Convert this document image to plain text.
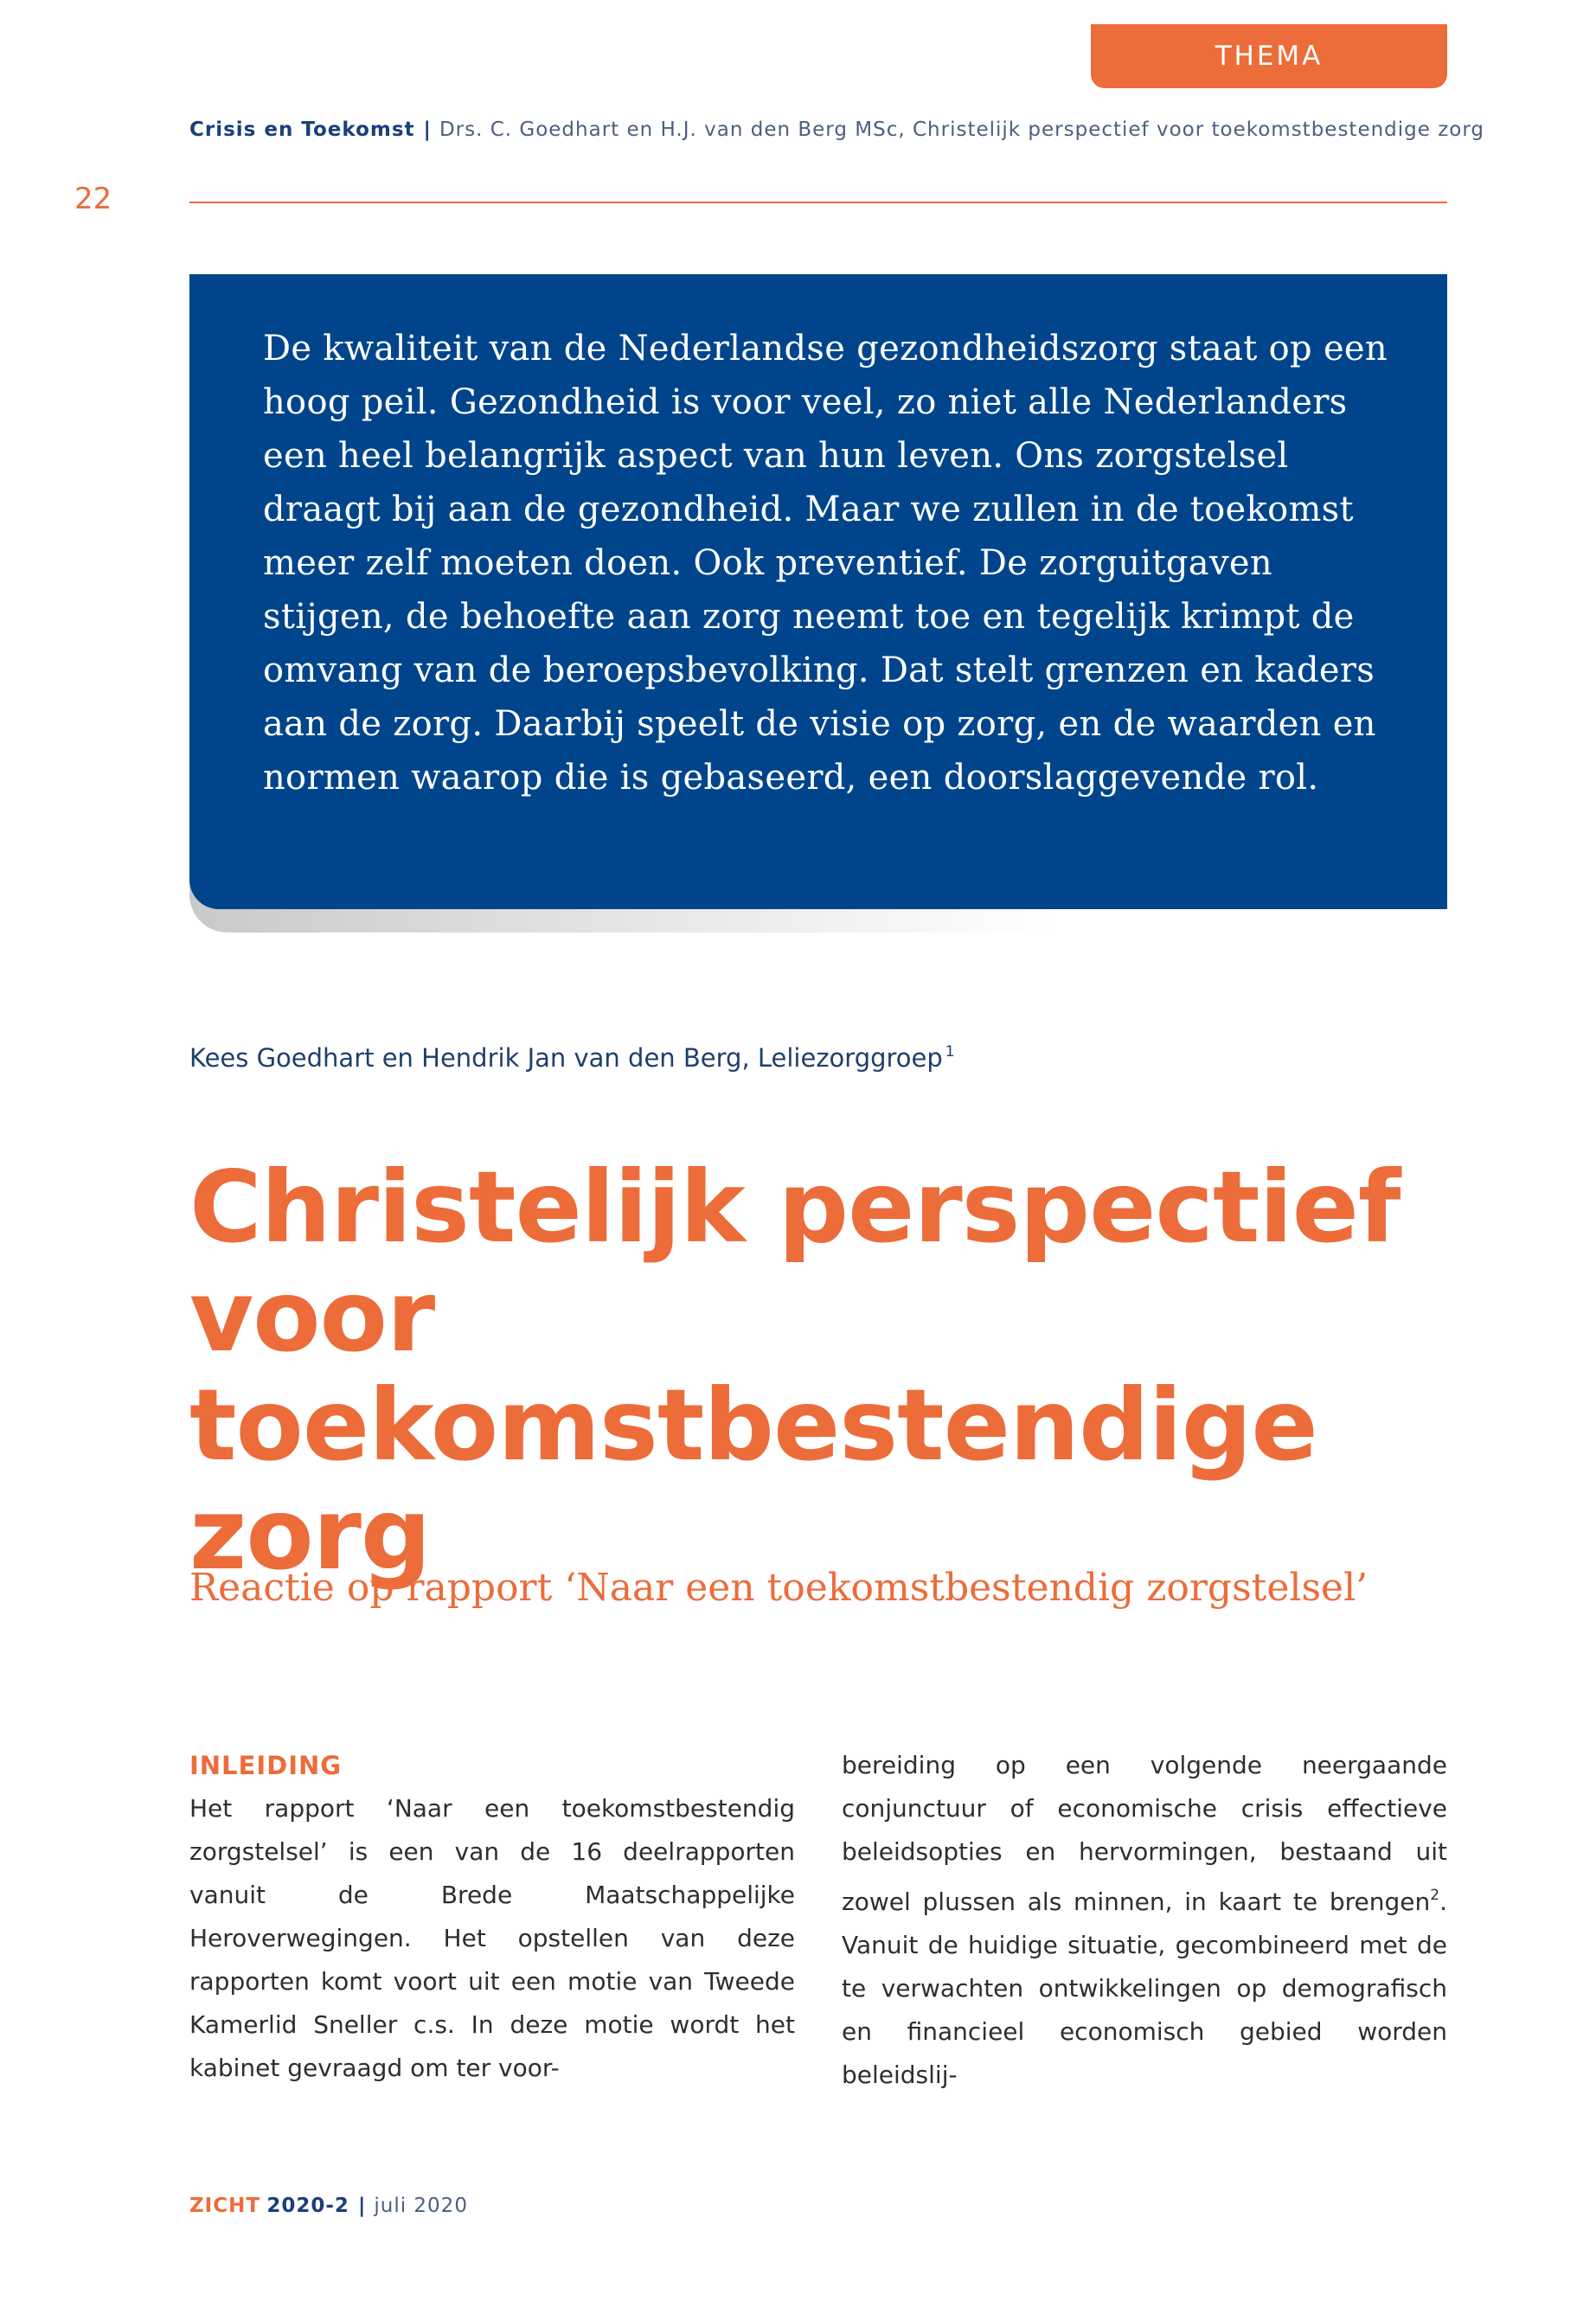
THEMA
Crisis en Toekomst | Drs. C. Goedhart en H.J. van den Berg MSc, Christelijk perspectief voor toekomstbestendige zorg
22

De kwaliteit van de Nederlandse gezondheidszorg staat op een hoog peil. Gezondheid is voor veel, zo niet alle Nederlanders een heel belangrijk aspect van hun leven. Ons zorgstelsel draagt bij aan de gezondheid. Maar we zullen in de toekomst meer zelf moeten doen. Ook preventief. De zorguitgaven stijgen, de behoefte aan zorg neemt toe en tegelijk krimpt de omvang van de beroepsbevolking. Dat stelt grenzen en kaders aan de zorg. Daarbij speelt de visie op zorg, en de waarden en normen waarop die is gebaseerd, een doorslaggevende rol.

Kees Goedhart en Hendrik Jan van den Berg, Leliezorggroep $^1$
Christelijk perspectief voor toekomstbestendige zorg
Reactie op rapport ‘Naar een toekomstbestendig zorgstelsel’
INLEIDING

Het rapport ‘Naar een toekomstbestendig zorgstelsel’ is een van de 16 deelrapporten vanuit de Brede Maatschappelijke Heroverwegingen. Het opstellen van deze rapporten komt voort uit een motie van Tweede Kamerlid Sneller c.s. In deze motie wordt het kabinet gevraagd om ter voor-

bereiding op een volgende neergaande conjunctuur of economische crisis effectieve beleidsopties en hervormingen, bestaand uit zowel plussen als minnen, in kaart te brengen$^2$. Vanuit de huidige situatie, gecombineerd met de te verwachten ontwikkelingen op demografisch en financieel economisch gebied worden beleidslij-

ZICHT 2020-2 | juli 2020
